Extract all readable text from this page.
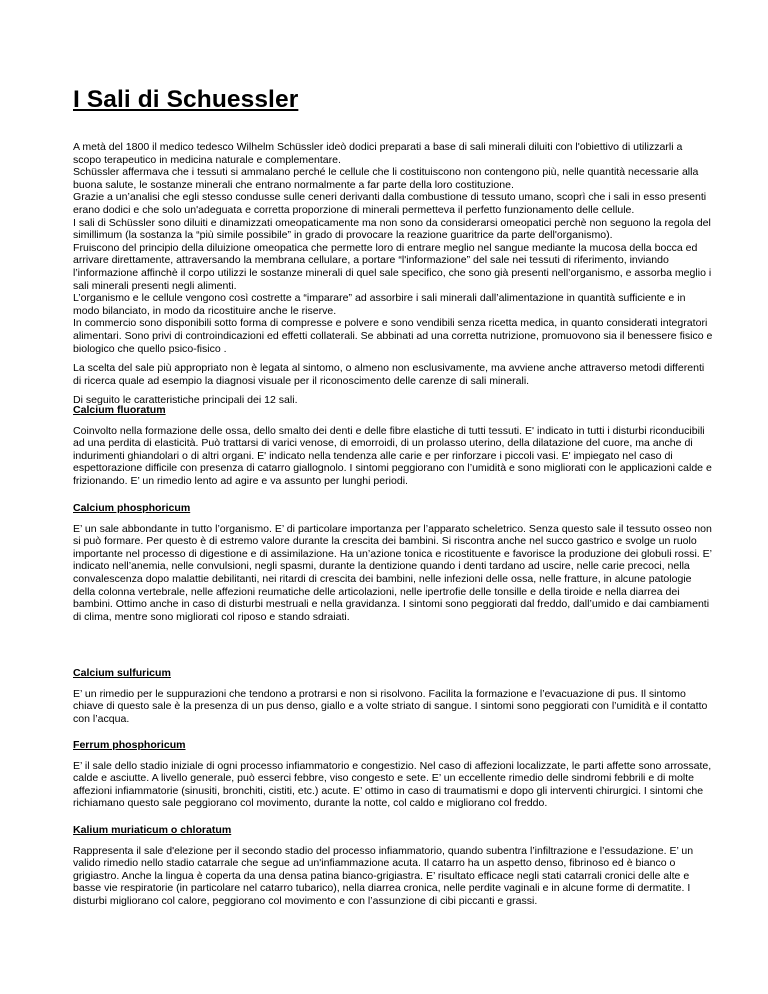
I Sali di Schuessler

A metà del 1800 il medico tedesco Wilhelm Schüssler ideò dodici preparati a base di sali minerali diluiti con l'obiettivo di utilizzarli a scopo terapeutico in medicina naturale e complementare.

Schüssler affermava che i tessuti si ammalano perché le cellule che li costituiscono non contengono più, nelle quantità necessarie alla buona salute, le sostanze minerali che entrano normalmente a far parte della loro costituzione.

Grazie a un’analisi che egli stesso condusse sulle ceneri derivanti dalla combustione di tessuto umano, scoprì che i sali in esso presenti erano dodici e che solo un'adeguata e corretta proporzione di minerali permetteva il perfetto funzionamento delle cellule.

I sali di Schüssler sono diluiti e dinamizzati omeopaticamente ma non sono da considerarsi omeopatici perchè non seguono la regola del simillimum (la sostanza la “più simile possibile” in grado di provocare la reazione guaritrice da parte dell'organismo).

Fruiscono del principio della diluizione omeopatica che permette loro di entrare meglio nel sangue mediante la mucosa della bocca ed arrivare direttamente, attraversando la membrana cellulare, a portare “l'informazione” del sale nei tessuti di riferimento, inviando l’informazione affinchè il corpo utilizzi le sostanze minerali di quel sale specifico, che sono già presenti nell’organismo, e assorba meglio i sali minerali presenti negli alimenti.

L’organismo e le cellule vengono così costrette a “imparare” ad assorbire i sali minerali dall’alimentazione in quantità sufficiente e in modo bilanciato, in modo da ricostituire anche le riserve.

In commercio sono disponibili sotto forma di compresse e polvere e sono vendibili senza ricetta medica, in quanto considerati integratori alimentari. Sono privi di controindicazioni ed effetti collaterali. Se abbinati ad una corretta nutrizione, promuovono sia il benessere fisico e biologico che quello psico-fisico .

La scelta del sale più appropriato non è legata al sintomo, o almeno non esclusivamente, ma avviene anche attraverso metodi differenti di ricerca quale ad esempio la diagnosi visuale per il riconoscimento delle carenze di sali minerali.

Di seguito le caratteristiche principali dei 12 sali.

Calcium fluoratum

Coinvolto nella formazione delle ossa, dello smalto dei denti e delle fibre elastiche di tutti tessuti. E' indicato in tutti i disturbi riconducibili ad una perdita di elasticità. Può trattarsi di varici venose, di emorroidi, di un prolasso uterino, della dilatazione del cuore, ma anche di indurimenti ghiandolari o di altri organi. E' indicato nella tendenza alle carie e per rinforzare i piccoli vasi. E' impiegato nel caso di espettorazione difficile con presenza di catarro giallognolo. I sintomi peggiorano con l’umidità e sono migliorati con le applicazioni calde e frizionando. E’ un rimedio lento ad agire e va assunto per lunghi periodi.

Calcium phosphoricum

E’ un sale abbondante in tutto l’organismo. E’ di particolare importanza per l’apparato scheletrico. Senza questo sale il tessuto osseo non si può formare. Per questo è di estremo valore durante la crescita dei bambini. Si riscontra anche nel succo gastrico e svolge un ruolo importante nel processo di digestione e di assimilazione. Ha un’azione tonica e ricostituente e favorisce la produzione dei globuli rossi. E’ indicato nell’anemia, nelle convulsioni, negli spasmi, durante la dentizione quando i denti tardano ad uscire, nelle carie precoci, nella convalescenza dopo malattie debilitanti, nei ritardi di crescita dei bambini, nelle infezioni delle ossa, nelle fratture, in alcune patologie della colonna vertebrale, nelle affezioni reumatiche delle articolazioni, nelle ipertrofie delle tonsille e della tiroide e nella diarrea dei bambini. Ottimo anche in caso di disturbi mestruali e nella gravidanza. I sintomi sono peggiorati dal freddo, dall’umido e dai cambiamenti di clima, mentre sono migliorati col riposo e stando sdraiati.

Calcium sulfuricum

E’ un rimedio per le suppurazioni che tendono a protrarsi e non si risolvono. Facilita la formazione e l’evacuazione di pus. Il sintomo chiave di questo sale è la presenza di un pus denso, giallo e a volte striato di sangue. I sintomi sono peggiorati con l’umidità e il contatto con l’acqua.

Ferrum phosphoricum

E’ il sale dello stadio iniziale di ogni processo infiammatorio e congestizio. Nel caso di affezioni localizzate, le parti affette sono arrossate, calde e asciutte. A livello generale, può esserci febbre, viso congesto e sete. E’ un eccellente rimedio delle sindromi febbrili e di molte affezioni infiammatorie (sinusiti, bronchiti, cistiti, etc.) acute. E’ ottimo in caso di traumatismi e dopo gli interventi chirurgici. I sintomi che richiamano questo sale peggiorano col movimento, durante la notte, col caldo e migliorano col freddo.

Kalium muriaticum o chloratum

Rappresenta il sale d'elezione per il secondo stadio del processo infiammatorio, quando subentra l’infiltrazione e l’essudazione. E’ un valido rimedio nello stadio catarrale che segue ad un'infiammazione acuta. Il catarro ha un aspetto denso, fibrinoso ed è bianco o grigiastro. Anche la lingua è coperta da una densa patina bianco-grigiastra. E’ risultato efficace negli stati catarrali cronici delle alte e basse vie respiratorie (in particolare nel catarro tubarico), nella diarrea cronica, nelle perdite vaginali e in alcune forme di dermatite. I disturbi migliorano col calore, peggiorano col movimento e con l’assunzione di cibi piccanti e grassi.
